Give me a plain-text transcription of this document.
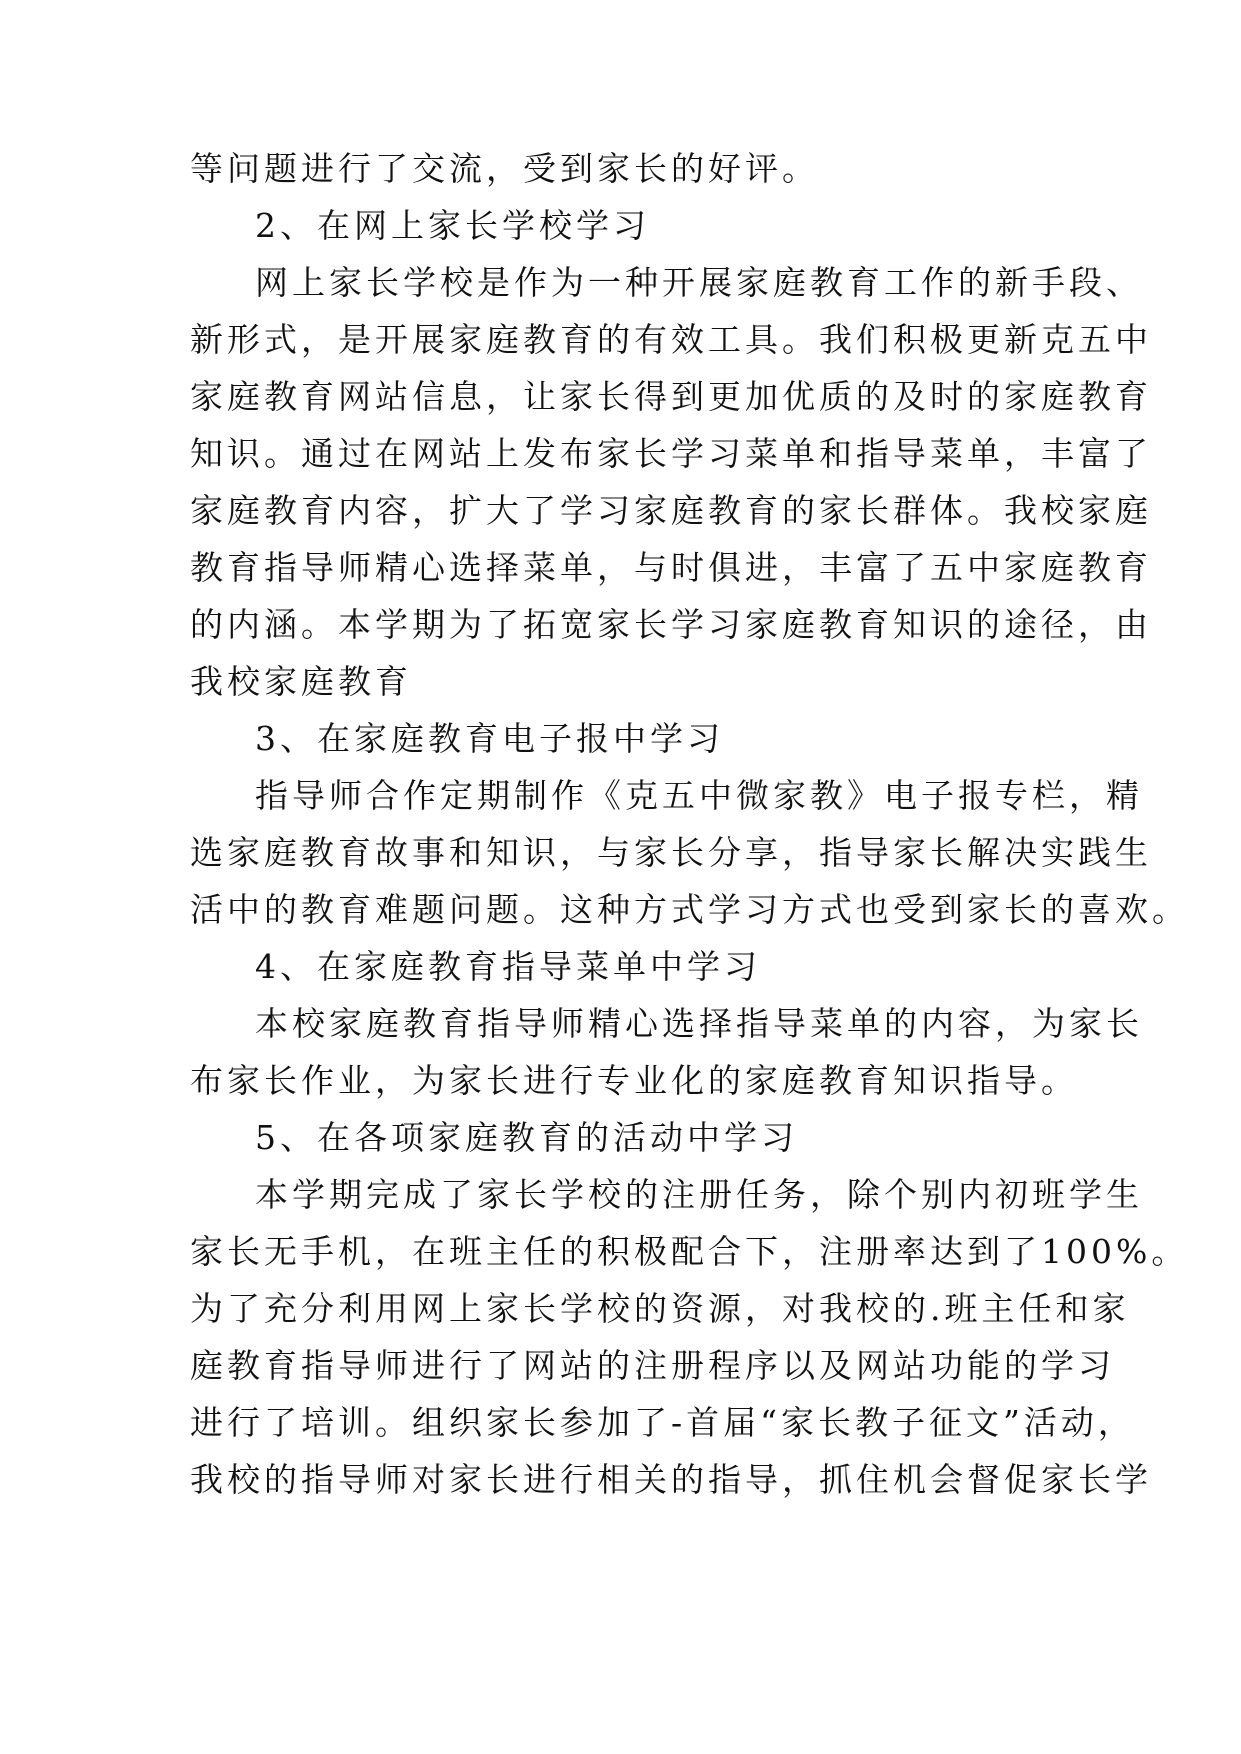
等问题进行了交流，受到家长的好评。

2、在网上家长学校学习

网上家长学校是作为一种开展家庭教育工作的新手段、

新形式，是开展家庭教育的有效工具。我们积极更新克五中

家庭教育网站信息，让家长得到更加优质的及时的家庭教育

知识。通过在网站上发布家长学习菜单和指导菜单，丰富了

家庭教育内容，扩大了学习家庭教育的家长群体。我校家庭

教育指导师精心选择菜单，与时俱进，丰富了五中家庭教育

的内涵。本学期为了拓宽家长学习家庭教育知识的途径，由

我校家庭教育

3、在家庭教育电子报中学习

指导师合作定期制作《克五中微家教》电子报专栏，精

选家庭教育故事和知识，与家长分享，指导家长解决实践生

活中的教育难题问题。这种方式学习方式也受到家长的喜欢。

4、在家庭教育指导菜单中学习

本校家庭教育指导师精心选择指导菜单的内容，为家长

布家长作业，为家长进行专业化的家庭教育知识指导。

5、在各项家庭教育的活动中学习

本学期完成了家长学校的注册任务，除个别内初班学生

家长无手机，在班主任的积极配合下，注册率达到了100%。

为了充分利用网上家长学校的资源，对我校的.班主任和家

庭教育指导师进行了网站的注册程序以及网站功能的学习

进行了培训。组织家长参加了-首届“家长教子征文”活动，

我校的指导师对家长进行相关的指导，抓住机会督促家长学
